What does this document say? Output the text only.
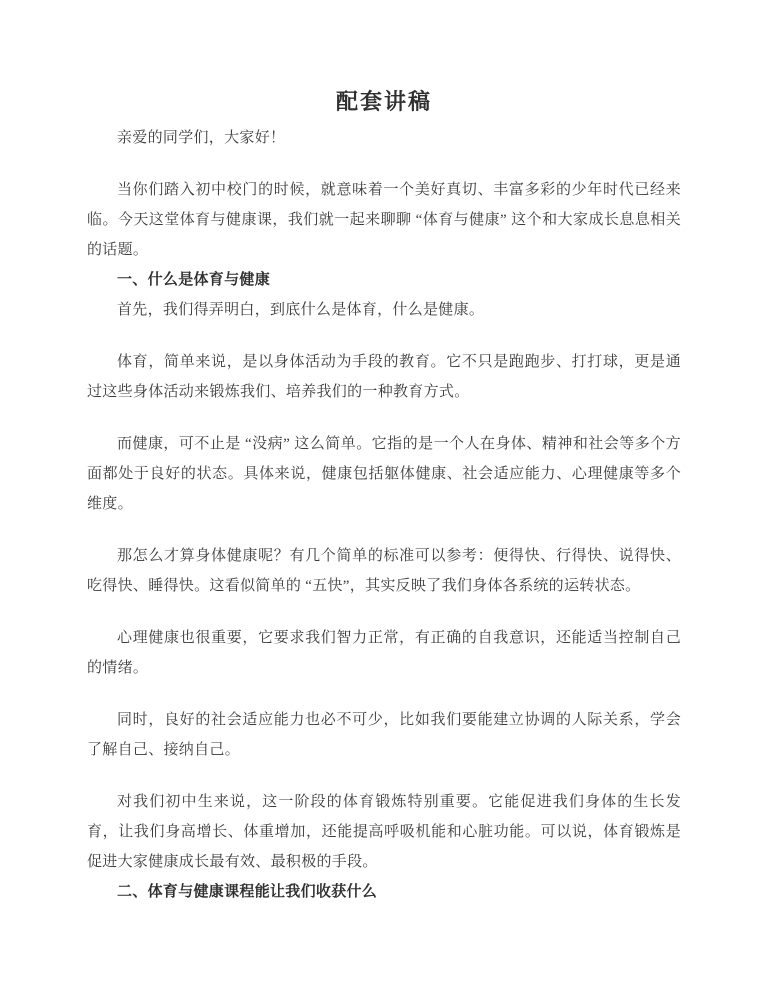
配套讲稿

亲爱的同学们，大家好！

当你们踏入初中校门的时候，就意味着一个美好真切、丰富多彩的少年时代已经来临。今天这堂体育与健康课，我们就一起来聊聊 “体育与健康” 这个和大家成长息息相关的话题。

一、什么是体育与健康

首先，我们得弄明白，到底什么是体育，什么是健康。

体育，简单来说，是以身体活动为手段的教育。它不只是跑跑步、打打球，更是通过这些身体活动来锻炼我们、培养我们的一种教育方式。

而健康，可不止是 “没病” 这么简单。它指的是一个人在身体、精神和社会等多个方面都处于良好的状态。具体来说，健康包括躯体健康、社会适应能力、心理健康等多个维度。

那怎么才算身体健康呢？有几个简单的标准可以参考：便得快、行得快、说得快、吃得快、睡得快。这看似简单的 “五快”，其实反映了我们身体各系统的运转状态。

心理健康也很重要，它要求我们智力正常，有正确的自我意识，还能适当控制自己的情绪。

同时，良好的社会适应能力也必不可少，比如我们要能建立协调的人际关系，学会了解自己、接纳自己。

对我们初中生来说，这一阶段的体育锻炼特别重要。它能促进我们身体的生长发育，让我们身高增长、体重增加，还能提高呼吸机能和心脏功能。可以说，体育锻炼是促进大家健康成长最有效、最积极的手段。

二、体育与健康课程能让我们收获什么
